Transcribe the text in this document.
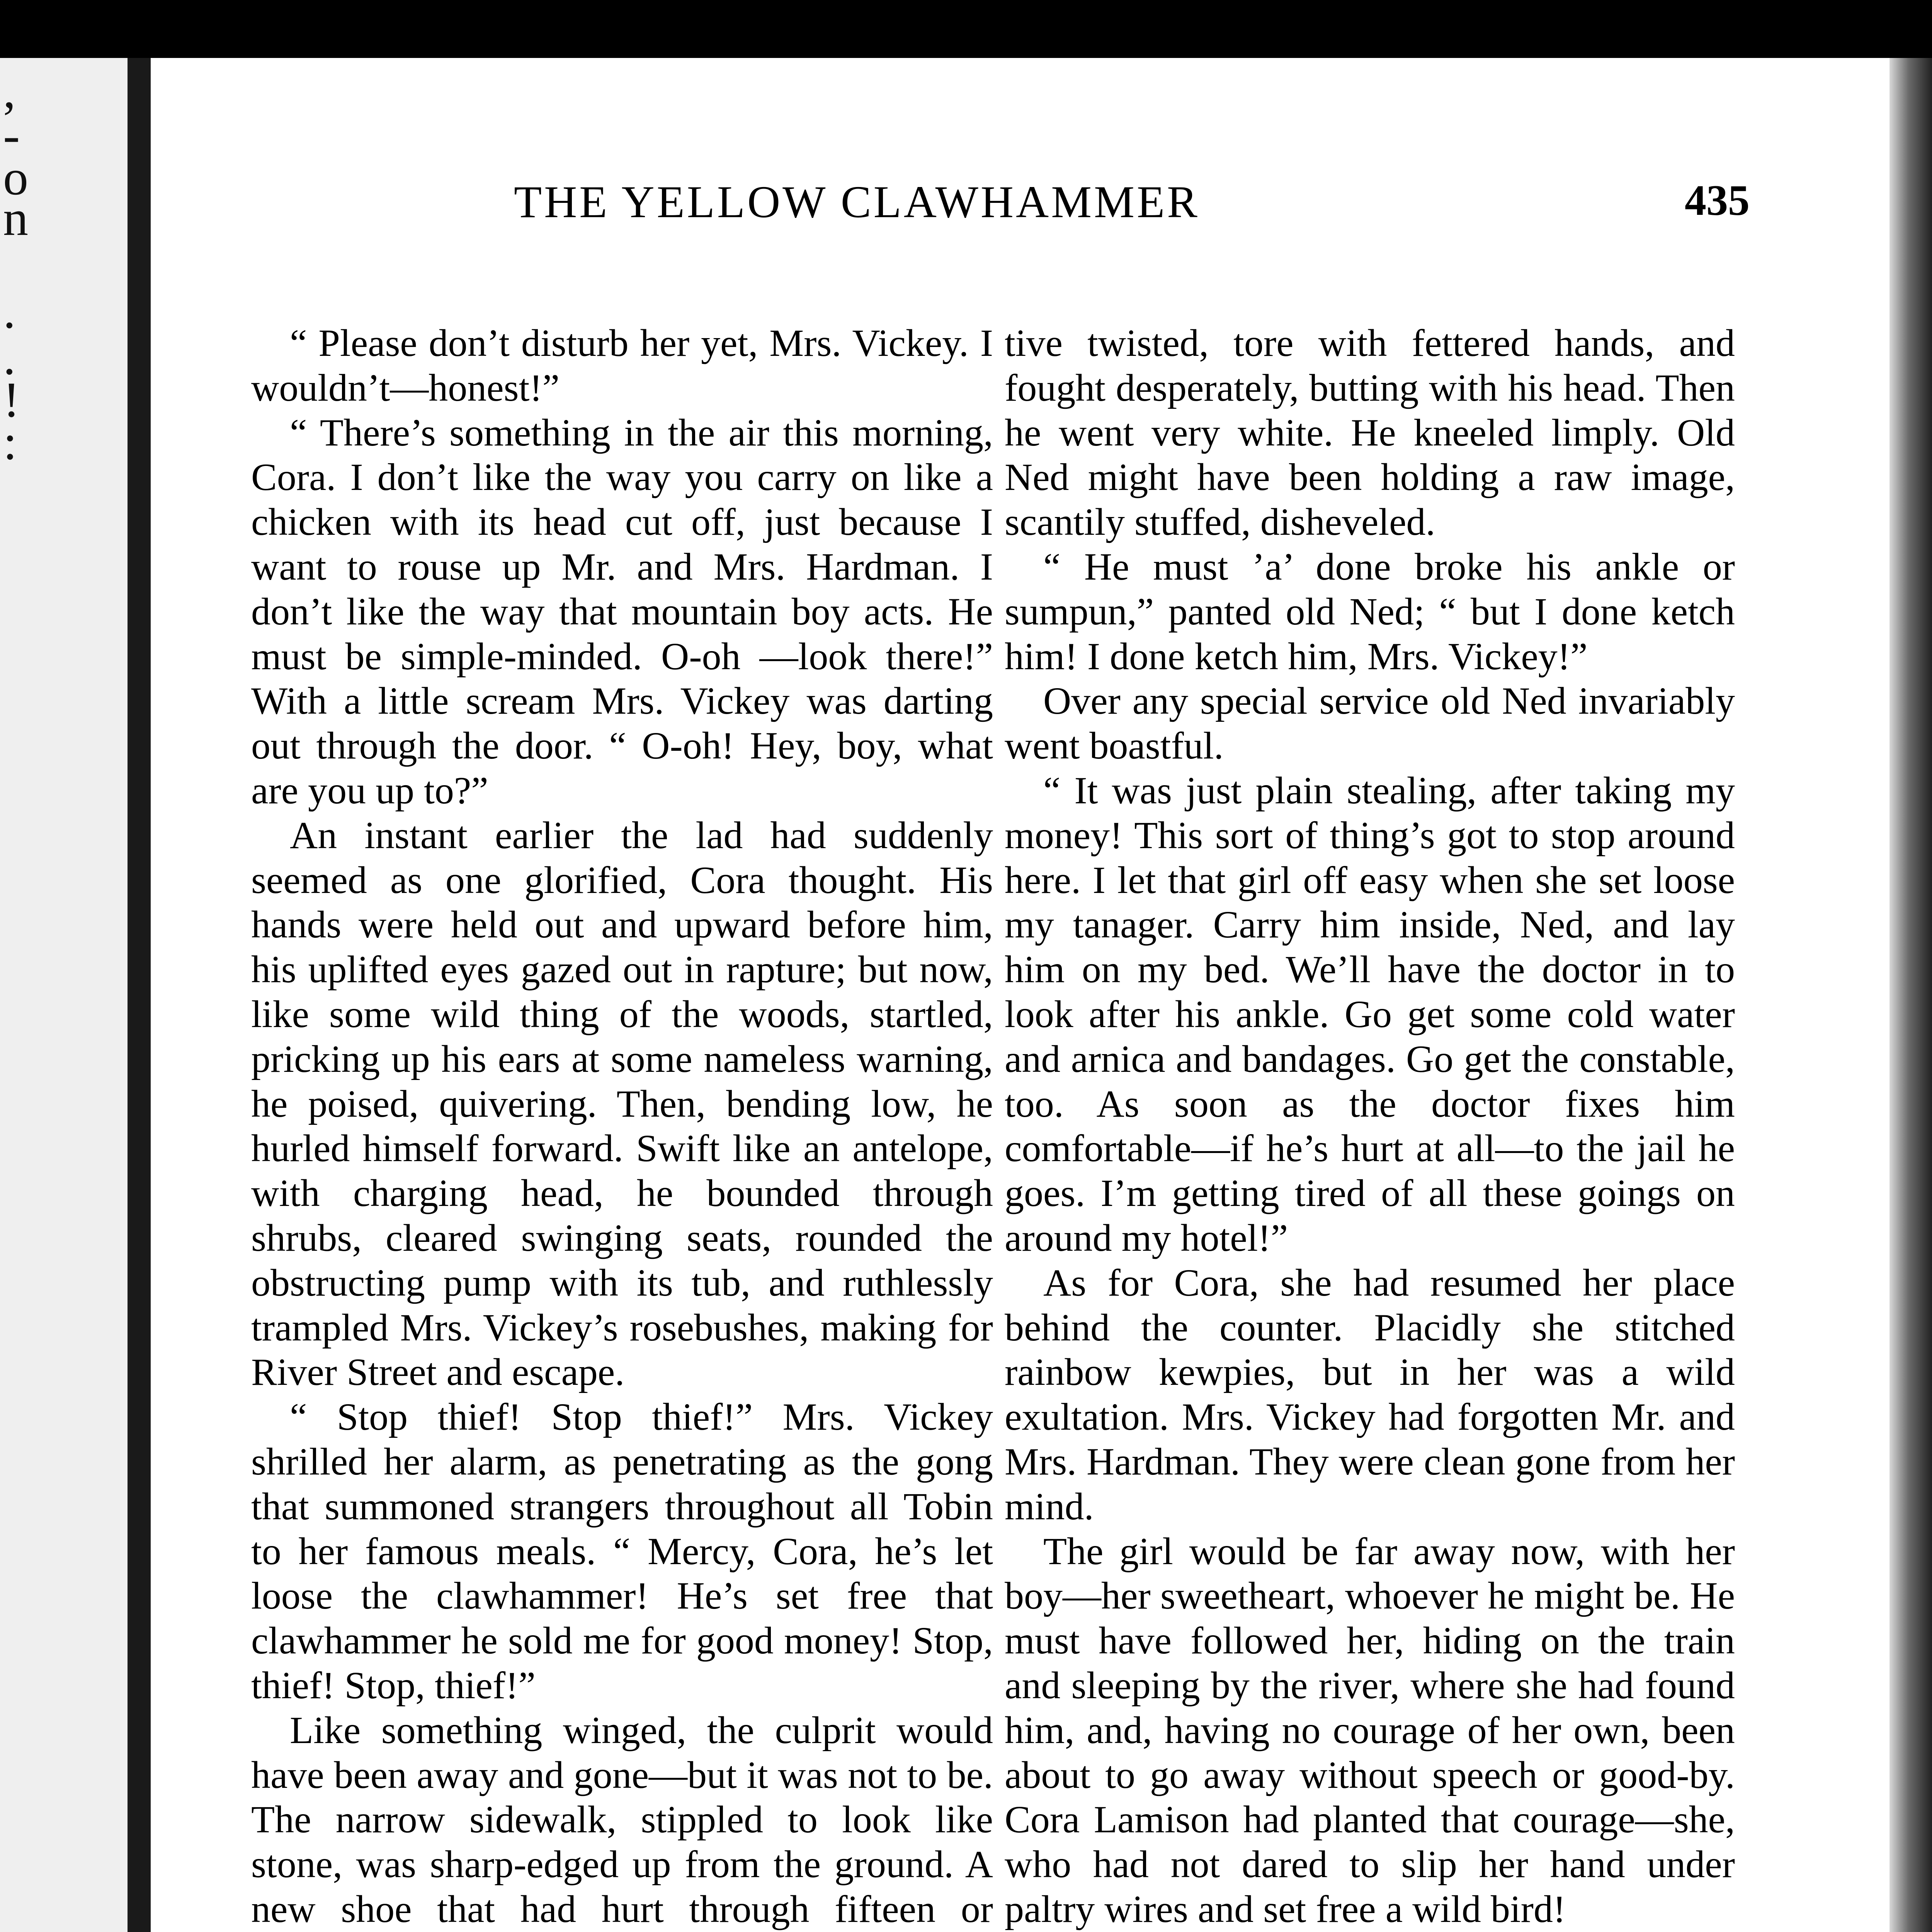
,
-
o
n
.
.
!
:
THE YELLOW CLAWHAMMER	435

“ Please don’t disturb her yet, Mrs. Vickey. I wouldn’t—honest!”

“ There’s something in the air this morning, Cora. I don’t like the way you carry on like a chicken with its head cut off, just because I want to rouse up Mr. and Mrs. Hardman. I don’t like the way that mountain boy acts. He must be simple-minded. O-oh —look there!” With a little scream Mrs. Vickey was darting out through the door. “ O-oh! Hey, boy, what are you up to?”

An instant earlier the lad had suddenly seemed as one glorified, Cora thought. His hands were held out and upward before him, his uplifted eyes gazed out in rapture; but now, like some wild thing of the woods, startled, pricking up his ears at some nameless warning, he poised, quivering. Then, bending low, he hurled himself forward. Swift like an antelope, with charging head, he bounded through shrubs, cleared swinging seats, rounded the obstructing pump with its tub, and ruthlessly trampled Mrs. Vickey’s rosebushes, making for River Street and escape.

“ Stop thief! Stop thief!” Mrs. Vickey shrilled her alarm, as penetrating as the gong that summoned strangers throughout all Tobin to her famous meals. “ Mercy, Cora, he’s let loose the clawhammer! He’s set free that clawhammer he sold me for good money! Stop, thief! Stop, thief!”

Like something winged, the culprit would have been away and gone—but it was not to be. The narrow sidewalk, stippled to look like stone, was sharp-edged up from the ground. A new shoe that had hurt through fifteen or

tive twisted, tore with fettered hands, and fought desperately, butting with his head. Then he went very white. He kneeled limply. Old Ned might have been holding a raw image, scantily stuffed, disheveled.

“ He must ’a’ done broke his ankle or sumpun,” panted old Ned; “ but I done ketch him! I done ketch him, Mrs. Vickey!”

Over any special service old Ned invariably went boastful.

“ It was just plain stealing, after taking my money! This sort of thing’s got to stop around here. I let that girl off easy when she set loose my tanager. Carry him inside, Ned, and lay him on my bed. We’ll have the doctor in to look after his ankle. Go get some cold water and arnica and bandages. Go get the constable, too. As soon as the doctor fixes him comfortable—if he’s hurt at all—to the jail he goes. I’m getting tired of all these goings on around my hotel!”

As for Cora, she had resumed her place behind the counter. Placidly she stitched rainbow kewpies, but in her was a wild exultation. Mrs. Vickey had forgotten Mr. and Mrs. Hardman. They were clean gone from her mind.

The girl would be far away now, with her boy—her sweetheart, whoever he might be. He must have followed her, hiding on the train and sleeping by the river, where she had found him, and, having no courage of her own, been about to go away without speech or good-by. Cora Lamison had planted that courage—she, who had not dared to slip her hand under paltry wires and set free a wild bird!
